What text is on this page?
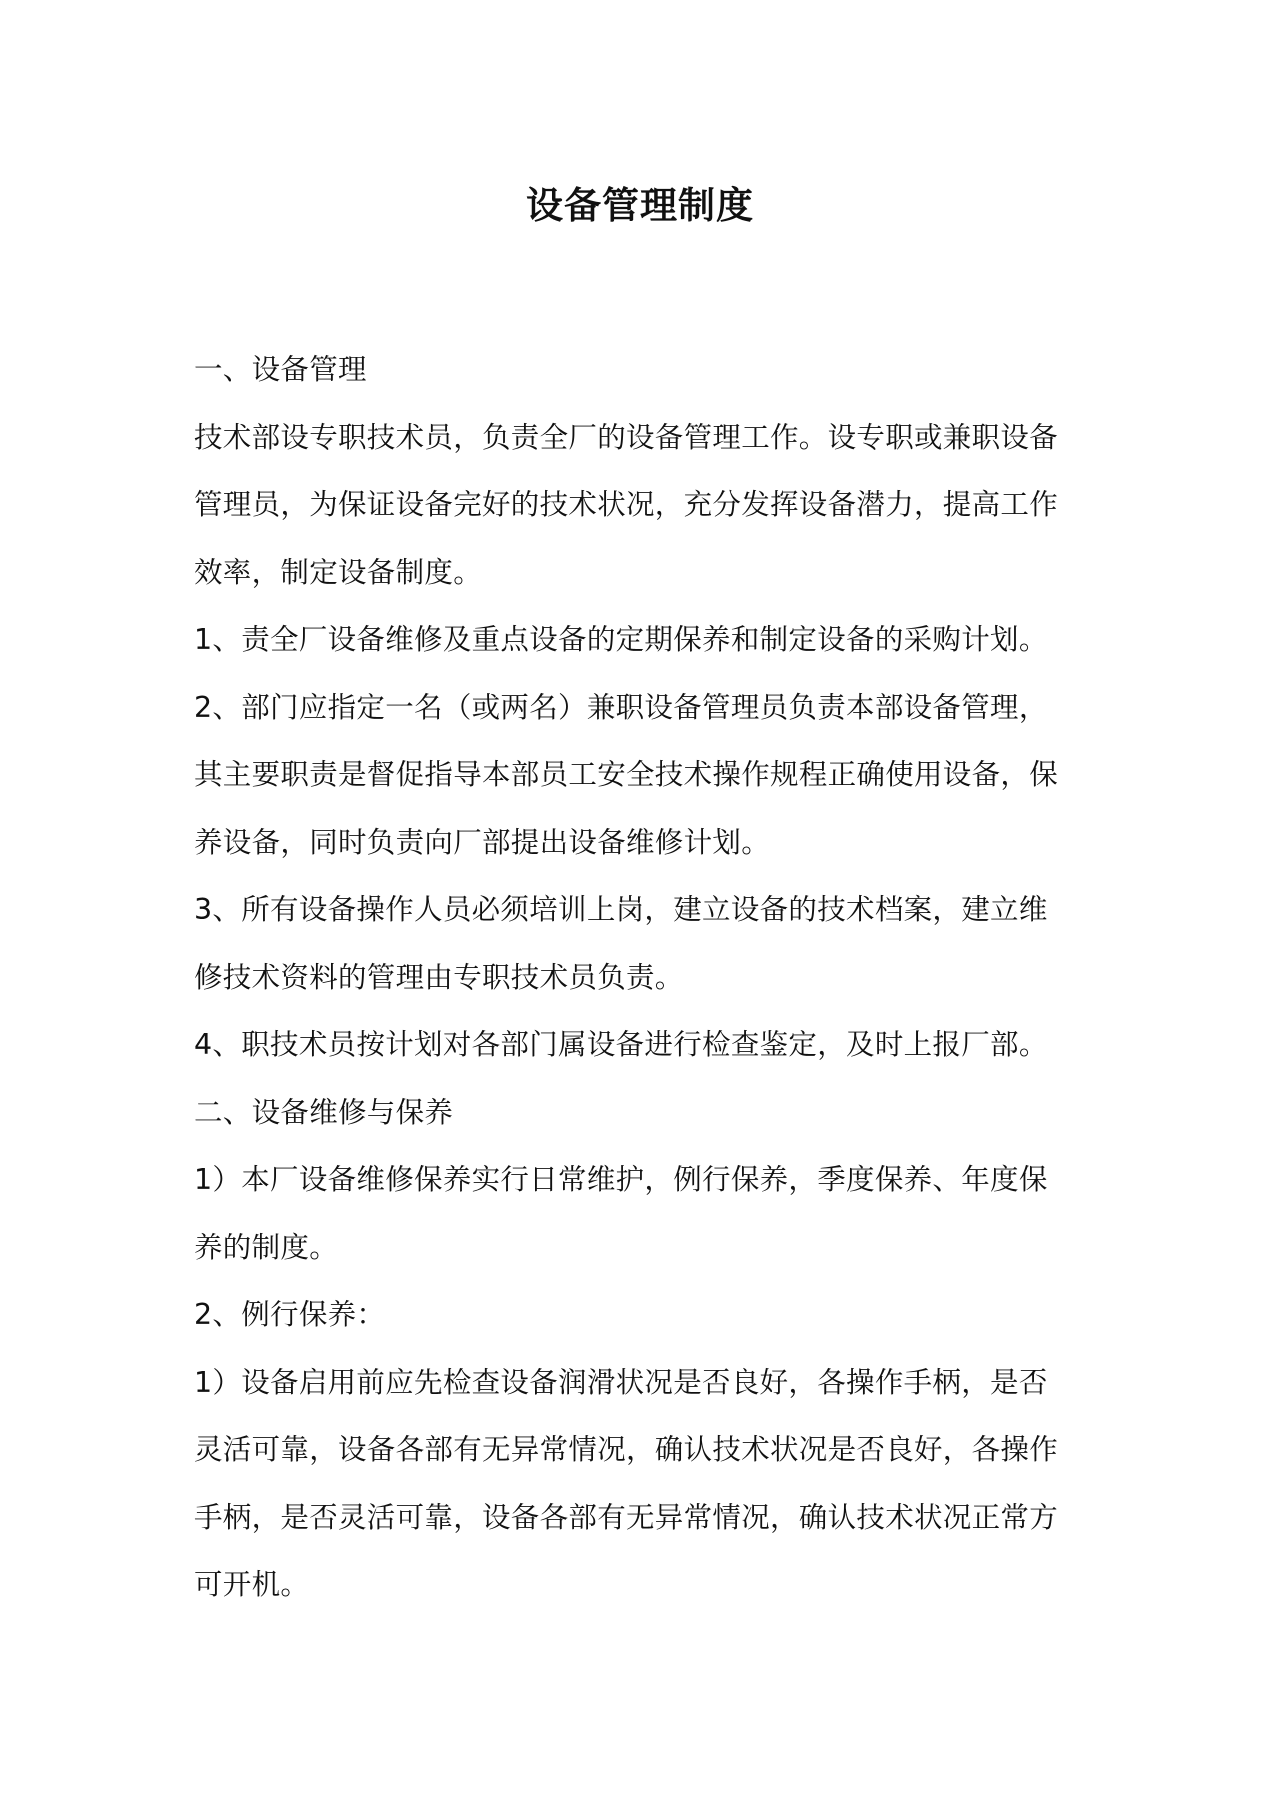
设备管理制度

一、设备管理

技术部设专职技术员，负责全厂的设备管理工作。设专职或兼职设备

管理员，为保证设备完好的技术状况，充分发挥设备潜力，提高工作

效率，制定设备制度。

1、责全厂设备维修及重点设备的定期保养和制定设备的采购计划。

2、部门应指定一名（或两名）兼职设备管理员负责本部设备管理，

其主要职责是督促指导本部员工安全技术操作规程正确使用设备，保

养设备，同时负责向厂部提出设备维修计划。

3、所有设备操作人员必须培训上岗，建立设备的技术档案，建立维

修技术资料的管理由专职技术员负责。

4、职技术员按计划对各部门属设备进行检查鉴定，及时上报厂部。

二、设备维修与保养

1）本厂设备维修保养实行日常维护，例行保养，季度保养、年度保

养的制度。

2、例行保养：

1）设备启用前应先检查设备润滑状况是否良好，各操作手柄，是否

灵活可靠，设备各部有无异常情况，确认技术状况是否良好，各操作

手柄，是否灵活可靠，设备各部有无异常情况，确认技术状况正常方

可开机。
